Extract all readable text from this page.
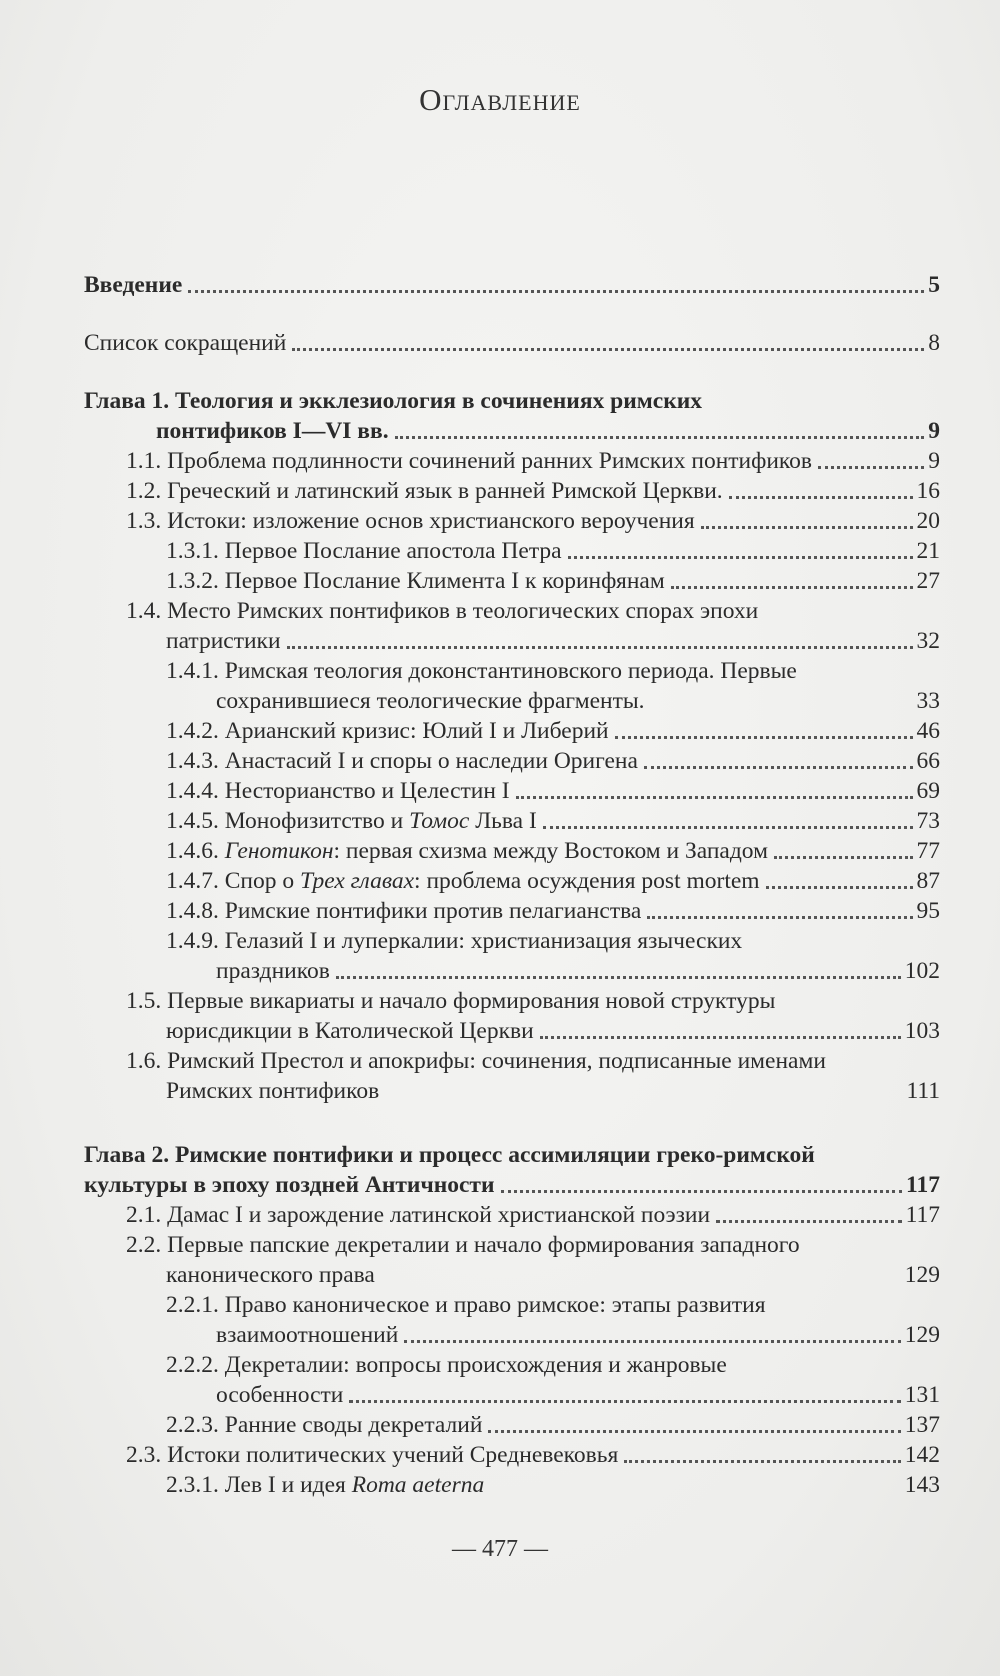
Оглавление
Введение	5
Список сокращений	8
Глава 1. Теология и экклезиология в сочинениях римских
понтификов I—VI вв.	9
1.1. Проблема подлинности сочинений ранних Римских понтификов	9
1.2. Греческий и латинский язык в ранней Римской Церкви.	16
1.3. Истоки: изложение основ христианского вероучения	20
1.3.1. Первое Послание апостола Петра	21
1.3.2. Первое Послание Климента I к коринфянам	27
1.4. Место Римских понтификов в теологических спорах эпохи
патристики	32
1.4.1. Римская теология доконстантиновского периода. Первые
сохранившиеся теологические фрагменты.	33
1.4.2. Арианский кризис: Юлий I и Либерий	46
1.4.3. Анастасий I и споры о наследии Оригена	66
1.4.4. Несторианство и Целестин I	69
1.4.5. Монофизитство и Томос Льва I	73
1.4.6. Генотикон: первая схизма между Востоком и Западом	77
1.4.7. Спор о Трех главах: проблема осуждения post mortem	87
1.4.8. Римские понтифики против пелагианства	95
1.4.9. Гелазий I и луперкалии: христианизация языческих
праздников	102
1.5. Первые викариаты и начало формирования новой структуры
юрисдикции в Католической Церкви	103
1.6. Римский Престол и апокрифы: сочинения, подписанные именами
Римских понтификов	111
Глава 2. Римские понтифики и процесс ассимиляции греко-римской
культуры в эпоху поздней Античности	117
2.1. Дамас I и зарождение латинской христианской поэзии	117
2.2. Первые папские декреталии и начало формирования западного
канонического права	129
2.2.1. Право каноническое и право римское: этапы развития
взаимоотношений	129
2.2.2. Декреталии: вопросы происхождения и жанровые
особенности	131
2.2.3. Ранние своды декреталий	137
2.3. Истоки политических учений Средневековья	142
2.3.1. Лев I и идея Roma aeterna	143
— 477 —
